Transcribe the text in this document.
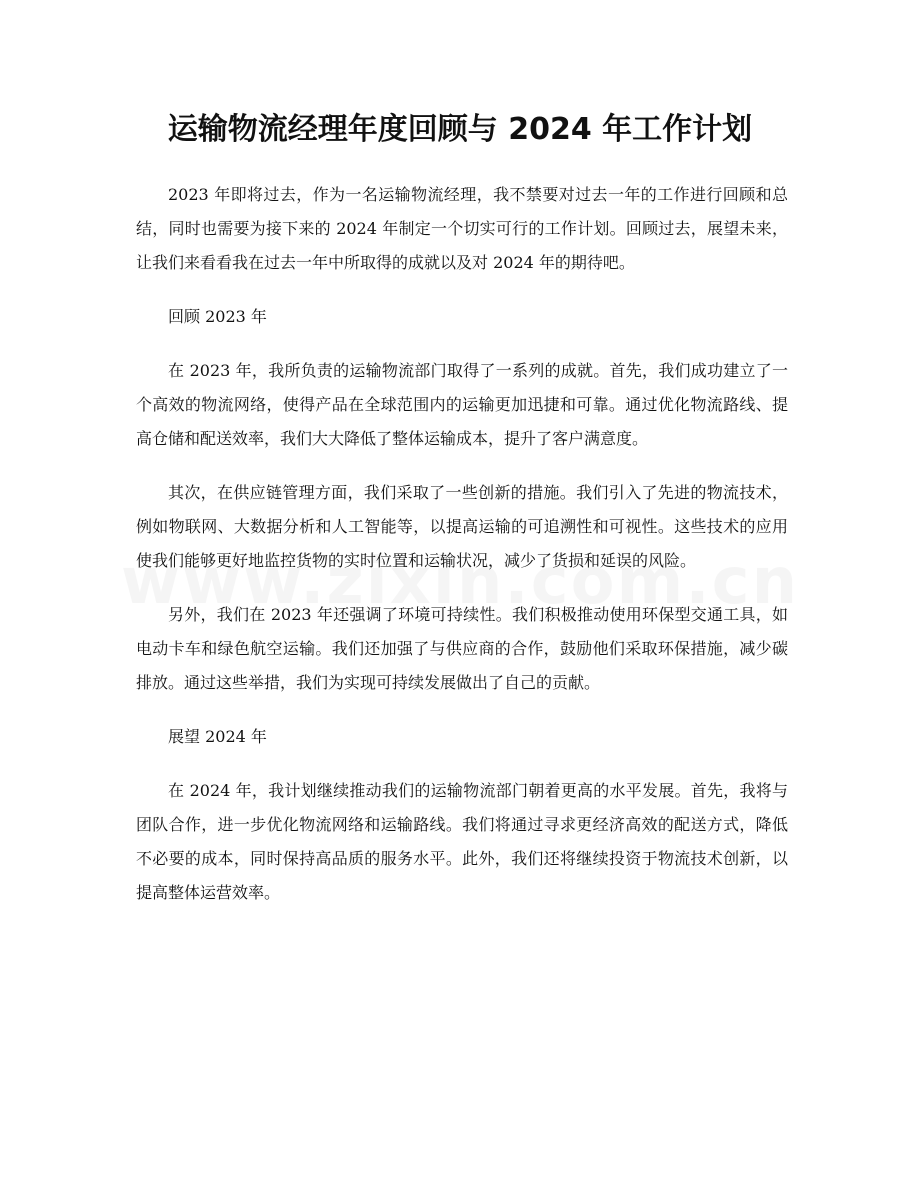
运输物流经理年度回顾与 2024 年工作计划

2023 年即将过去，作为一名运输物流经理，我不禁要对过去一年的工作进行回顾和总结，同时也需要为接下来的 2024 年制定一个切实可行的工作计划。回顾过去，展望未来，让我们来看看我在过去一年中所取得的成就以及对 2024 年的期待吧。

回顾 2023 年

在 2023 年，我所负责的运输物流部门取得了一系列的成就。首先，我们成功建立了一个高效的物流网络，使得产品在全球范围内的运输更加迅捷和可靠。通过优化物流路线、提高仓储和配送效率，我们大大降低了整体运输成本，提升了客户满意度。

其次，在供应链管理方面，我们采取了一些创新的措施。我们引入了先进的物流技术，例如物联网、大数据分析和人工智能等，以提高运输的可追溯性和可视性。这些技术的应用使我们能够更好地监控货物的实时位置和运输状况，减少了货损和延误的风险。

另外，我们在 2023 年还强调了环境可持续性。我们积极推动使用环保型交通工具，如电动卡车和绿色航空运输。我们还加强了与供应商的合作，鼓励他们采取环保措施，减少碳排放。通过这些举措，我们为实现可持续发展做出了自己的贡献。

展望 2024 年

在 2024 年，我计划继续推动我们的运输物流部门朝着更高的水平发展。首先，我将与团队合作，进一步优化物流网络和运输路线。我们将通过寻求更经济高效的配送方式，降低不必要的成本，同时保持高品质的服务水平。此外，我们还将继续投资于物流技术创新，以提高整体运营效率。
